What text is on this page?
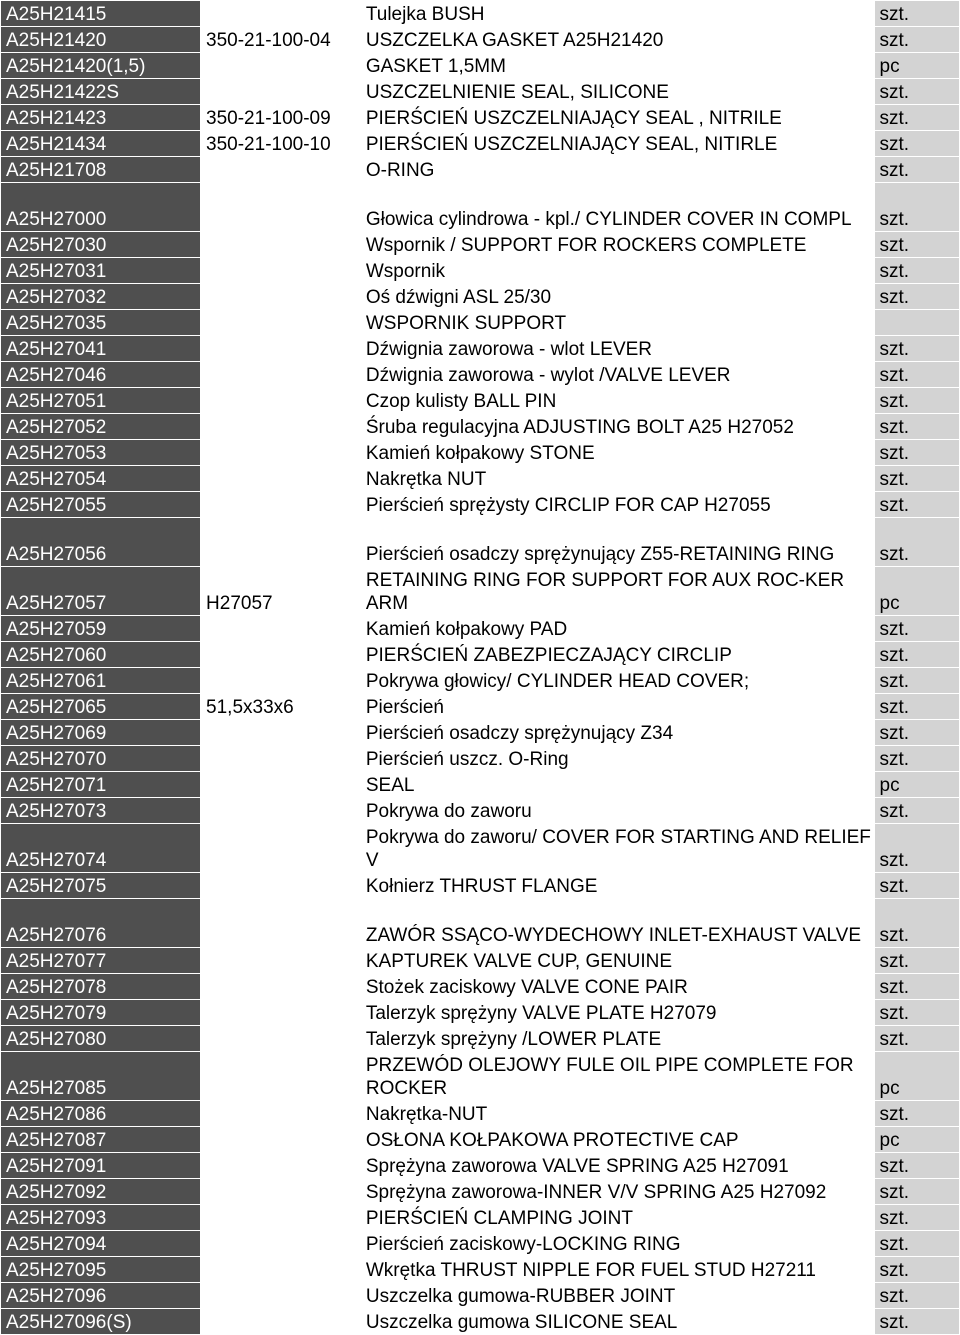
A25H21415		Tulejka BUSH	szt.
A25H21420	350-21-100-04	USZCZELKA GASKET A25H21420	szt.
A25H21420(1,5)		GASKET 1,5MM	pc
A25H21422S		USZCZELNIENIE SEAL, SILICONE	szt.
A25H21423	350-21-100-09	PIERŚCIEŃ USZCZELNIAJĄCY SEAL , NITRILE	szt.
A25H21434	350-21-100-10	PIERŚCIEŃ USZCZELNIAJĄCY SEAL, NITIRLE	szt.
A25H21708		O-RING	szt.
A25H27000		Głowica cylindrowa - kpl./ CYLINDER COVER IN COMPL	szt.
A25H27030		Wspornik / SUPPORT FOR ROCKERS COMPLETE	szt.
A25H27031		Wspornik	szt.
A25H27032		Oś dźwigni ASL 25/30	szt.
A25H27035		WSPORNIK SUPPORT	
A25H27041		Dźwignia zaworowa - wlot LEVER	szt.
A25H27046		Dźwignia zaworowa - wylot /VALVE LEVER	szt.
A25H27051		Czop kulisty BALL PIN	szt.
A25H27052		Śruba regulacyjna ADJUSTING BOLT A25 H27052	szt.
A25H27053		Kamień kołpakowy STONE	szt.
A25H27054		Nakrętka NUT	szt.
A25H27055		Pierścień sprężysty CIRCLIP FOR CAP H27055	szt.
A25H27056		Pierścień osadczy sprężynujący Z55-RETAINING RING	szt.
A25H27057	H27057	RETAINING RING FOR SUPPORT FOR AUX ROC-KER ARM	pc
A25H27059		Kamień kołpakowy PAD	szt.
A25H27060		PIERŚCIEŃ ZABEZPIECZAJĄCY CIRCLIP	szt.
A25H27061		Pokrywa głowicy/ CYLINDER HEAD COVER;	szt.
A25H27065	51,5x33x6	Pierścień	szt.
A25H27069		Pierścień osadczy sprężynujący Z34	szt.
A25H27070		Pierścień uszcz. O-Ring	szt.
A25H27071		SEAL	pc
A25H27073		Pokrywa do zaworu	szt.
A25H27074		Pokrywa do zaworu/ COVER FOR STARTING AND RELIEF V	szt.
A25H27075		Kołnierz THRUST FLANGE	szt.
A25H27076		ZAWÓR SSĄCO-WYDECHOWY INLET-EXHAUST VALVE	szt.
A25H27077		KAPTUREK VALVE CUP, GENUINE	szt.
A25H27078		Stożek zaciskowy VALVE CONE PAIR	szt.
A25H27079		Talerzyk sprężyny VALVE PLATE H27079	szt.
A25H27080		Talerzyk sprężyny /LOWER PLATE	szt.
A25H27085		PRZEWÓD OLEJOWY FULE OIL PIPE COMPLETE FOR ROCKER	pc
A25H27086		Nakrętka-NUT	szt.
A25H27087		OSŁONA KOŁPAKOWA PROTECTIVE CAP	pc
A25H27091		Sprężyna zaworowa VALVE SPRING A25 H27091	szt.
A25H27092		Sprężyna zaworowa-INNER V/V SPRING A25 H27092	szt.
A25H27093		PIERŚCIEŃ CLAMPING JOINT	szt.
A25H27094		Pierścień zaciskowy-LOCKING RING	szt.
A25H27095		Wkrętka THRUST NIPPLE FOR FUEL STUD H27211	szt.
A25H27096		Uszczelka gumowa-RUBBER JOINT	szt.
A25H27096(S)		Uszczelka gumowa SILICONE SEAL	szt.
